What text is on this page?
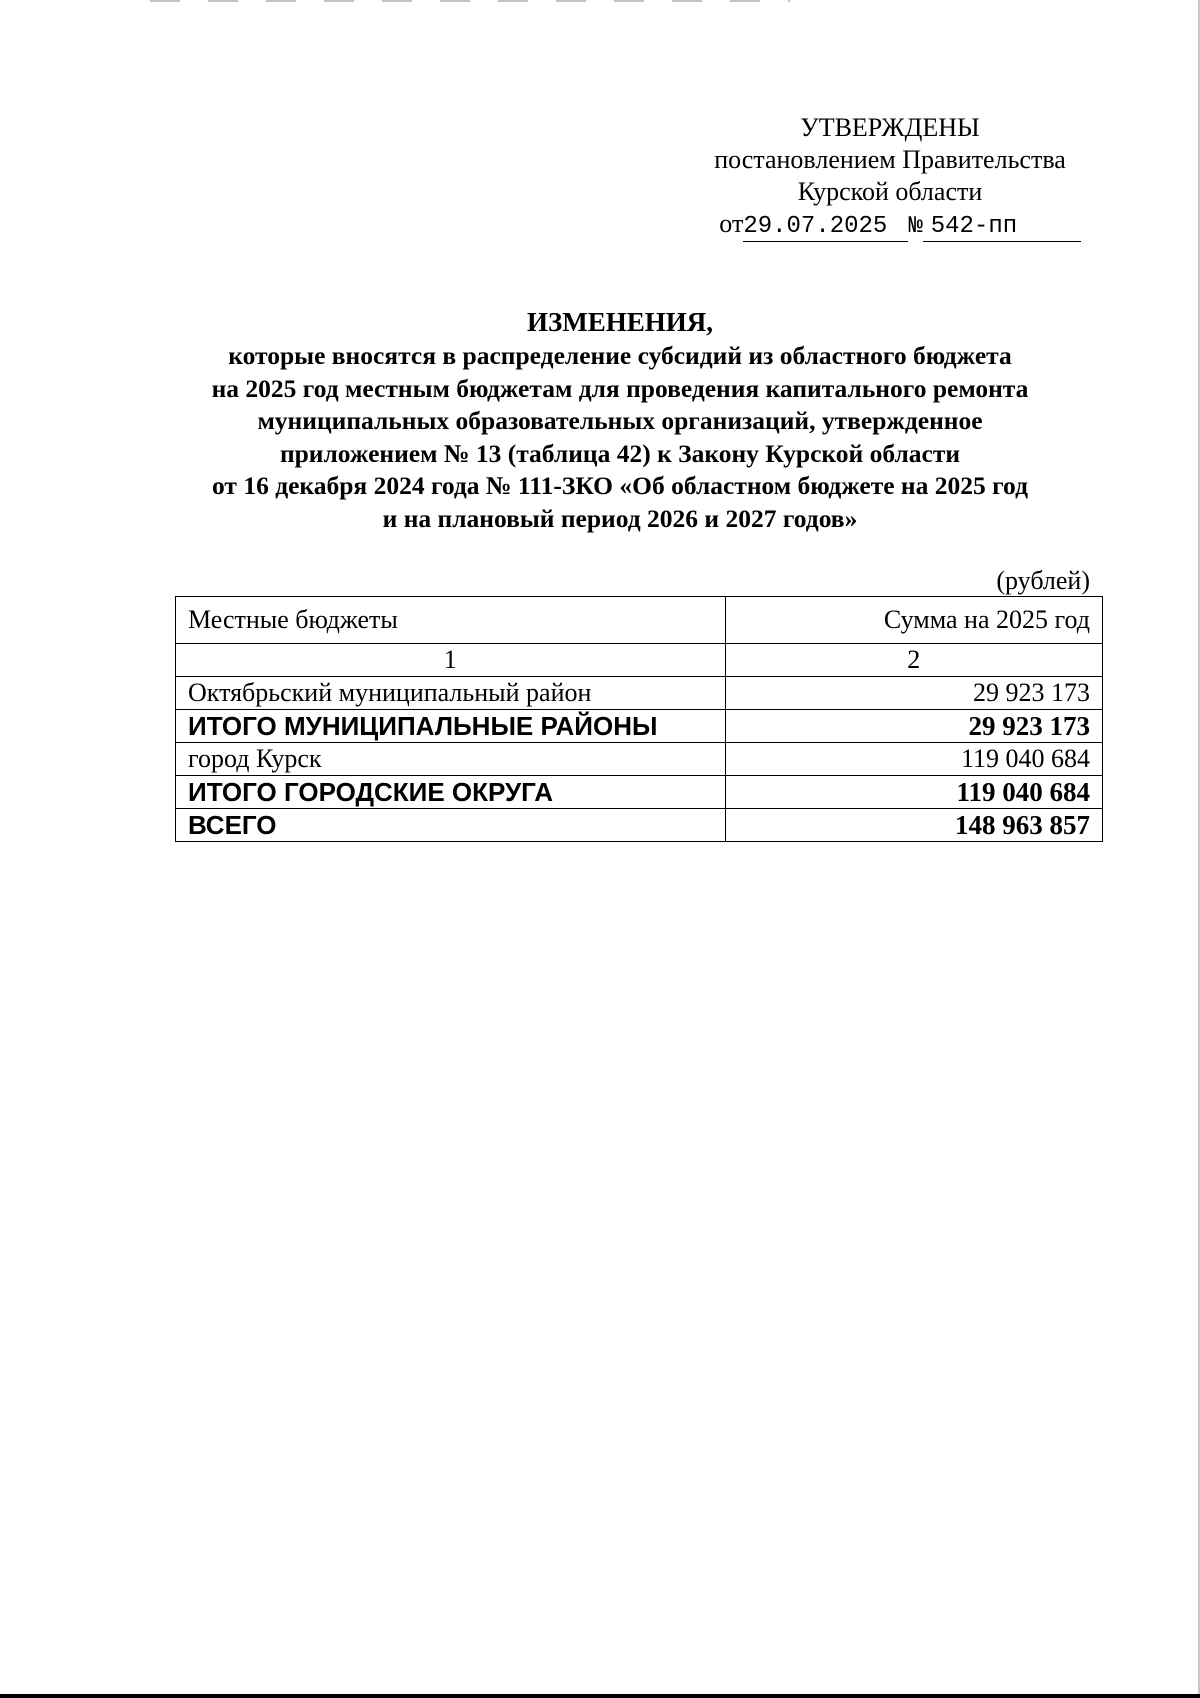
УТВЕРЖДЕНЫ
постановлением Правительства
Курской области
от29.07.2025 № 542-пп
ИЗМЕНЕНИЯ,
которые вносятся в распределение субсидий из областного бюджета
на 2025 год местным бюджетам для проведения капитального ремонта
муниципальных образовательных организаций, утвержденное
приложением № 13 (таблица 42) к Закону Курской области
от 16 декабря 2024 года № 111-ЗКО «Об областном бюджете на 2025 год
и на плановый период 2026 и 2027 годов»
(рублей)
Местные бюджеты	Сумма на 2025 год
1	2
Октябрьский муниципальный район	29 923 173
ИТОГО МУНИЦИПАЛЬНЫЕ РАЙОНЫ	29 923 173
город Курск	119 040 684
ИТОГО ГОРОДСКИЕ ОКРУГА	119 040 684
ВСЕГО	148 963 857
